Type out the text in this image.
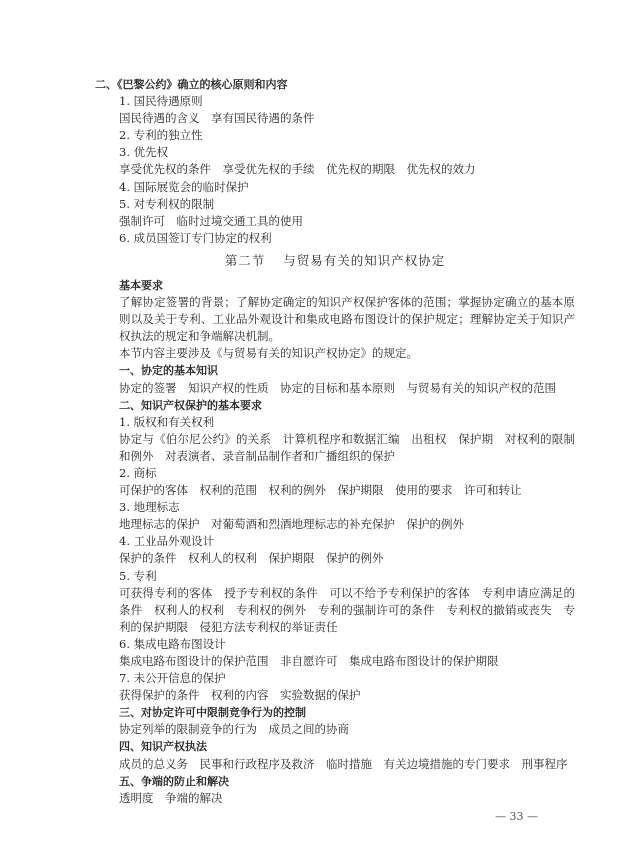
二、《巴黎公约》确立的核心原则和内容
1. 国民待遇原则
国民待遇的含义　享有国民待遇的条件
2. 专利的独立性
3. 优先权
享受优先权的条件　享受优先权的手续　优先权的期限　优先权的效力
4. 国际展览会的临时保护
5. 对专利权的限制
强制许可　临时过境交通工具的使用
6. 成员国签订专门协定的权利
第二节 与贸易有关的知识产权协定
基本要求
了解协定签署的背景；了解协定确定的知识产权保护客体的范围；掌握协定确立的基本原则以及关于专利、工业品外观设计和集成电路布图设计的保护规定；理解协定关于知识产权执法的规定和争端解决机制。
本节内容主要涉及《与贸易有关的知识产权协定》的规定。
一、协定的基本知识
协定的签署　知识产权的性质　协定的目标和基本原则　与贸易有关的知识产权的范围
二、知识产权保护的基本要求
1. 版权和有关权利
协定与《伯尔尼公约》的关系　计算机程序和数据汇编　出租权　保护期　对权利的限制和例外　对表演者、录音制品制作者和广播组织的保护
2. 商标
可保护的客体　权利的范围　权利的例外　保护期限　使用的要求　许可和转让
3. 地理标志
地理标志的保护　对葡萄酒和烈酒地理标志的补充保护　保护的例外
4. 工业品外观设计
保护的条件　权利人的权利　保护期限　保护的例外
5. 专利
可获得专利的客体　授予专利权的条件　可以不给予专利保护的客体　专利申请应满足的条件　权利人的权利　专利权的例外　专利的强制许可的条件　专利权的撤销或丧失　专利的保护期限　侵犯方法专利权的举证责任
6. 集成电路布图设计
集成电路布图设计的保护范围　非自愿许可　集成电路布图设计的保护期限
7. 未公开信息的保护
获得保护的条件　权利的内容　实验数据的保护
三、对协定许可中限制竞争行为的控制
协定列举的限制竞争的行为　成员之间的协商
四、知识产权执法
成员的总义务　民事和行政程序及救济　临时措施　有关边境措施的专门要求　刑事程序
五、争端的防止和解决
透明度　争端的解决
— 33 —
